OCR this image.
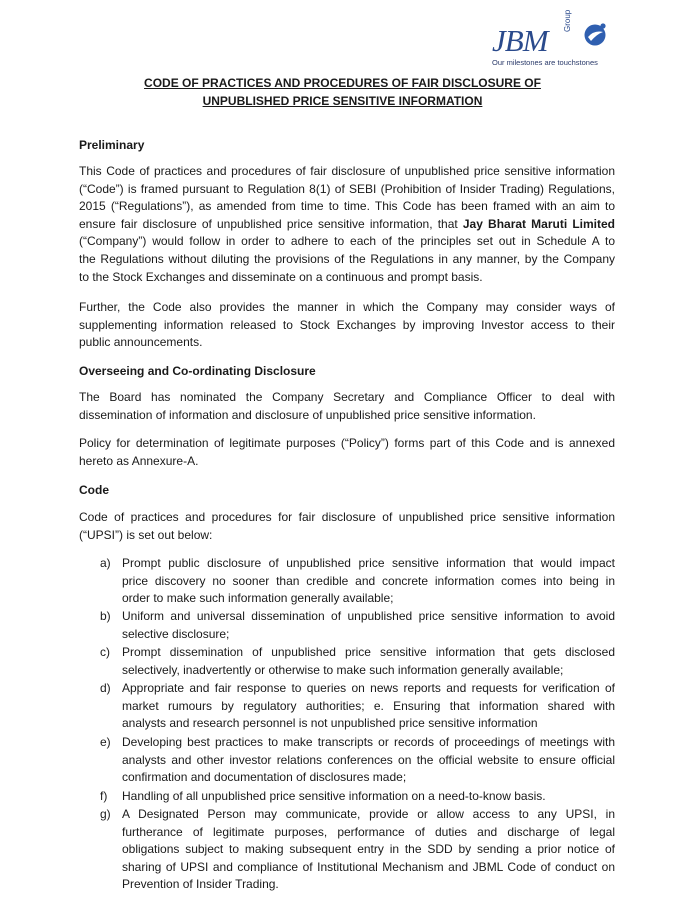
JBM
Group
Our milestones are touchstones
CODE OF PRACTICES AND PROCEDURES OF FAIR DISCLOSURE OF
UNPUBLISHED PRICE SENSITIVE INFORMATION
Preliminary
This Code of practices and procedures of fair disclosure of unpublished price sensitive information
(“Code”) is framed pursuant to Regulation 8(1) of SEBI (Prohibition of Insider Trading) Regulations,
2015 (“Regulations”), as amended from time to time. This Code has been framed with an aim to
ensure fair disclosure of unpublished price sensitive information, that Jay Bharat Maruti Limited
(“Company”) would follow in order to adhere to each of the principles set out in Schedule A to
the Regulations without diluting the provisions of the Regulations in any manner, by the Company
to the Stock Exchanges and disseminate on a continuous and prompt basis.
Further, the Code also provides the manner in which the Company may consider ways of
supplementing information released to Stock Exchanges by improving Investor access to their
public announcements.
Overseeing and Co-ordinating Disclosure
The Board has nominated the Company Secretary and Compliance Officer to deal with
dissemination of information and disclosure of unpublished price sensitive information.
Policy for determination of legitimate purposes (“Policy”) forms part of this Code and is annexed
hereto as Annexure-A.
Code
Code of practices and procedures for fair disclosure of unpublished price sensitive information
(“UPSI”) is set out below:
a) Prompt public disclosure of unpublished price sensitive information that would impact
price discovery no sooner than credible and concrete information comes into being in
order to make such information generally available;
b) Uniform and universal dissemination of unpublished price sensitive information to avoid
selective disclosure;
c) Prompt dissemination of unpublished price sensitive information that gets disclosed
selectively, inadvertently or otherwise to make such information generally available;
d) Appropriate and fair response to queries on news reports and requests for verification of
market rumours by regulatory authorities; e. Ensuring that information shared with
analysts and research personnel is not unpublished price sensitive information
e) Developing best practices to make transcripts or records of proceedings of meetings with
analysts and other investor relations conferences on the official website to ensure official
confirmation and documentation of disclosures made;
f) Handling of all unpublished price sensitive information on a need-to-know basis.
g) A Designated Person may communicate, provide or allow access to any UPSI, in
furtherance of legitimate purposes, performance of duties and discharge of legal
obligations subject to making subsequent entry in the SDD by sending a prior notice of
sharing of UPSI and compliance of Institutional Mechanism and JBML Code of conduct on
Prevention of Insider Trading.
